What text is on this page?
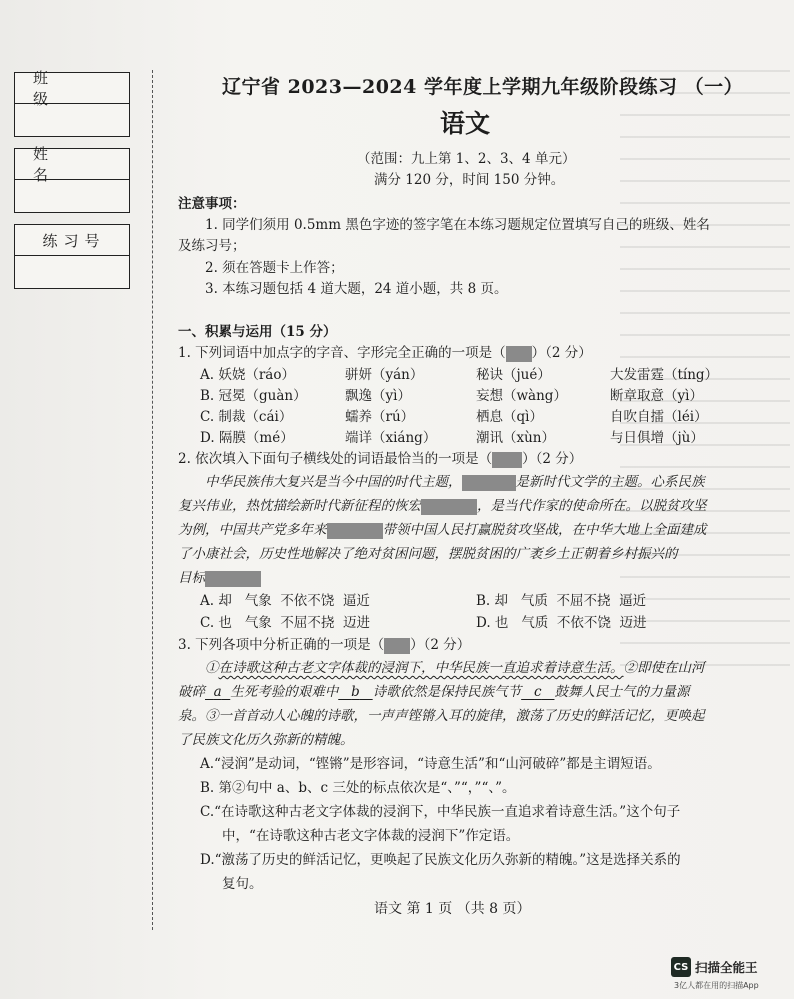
班 级
姓 名
练习号
辽宁省 2023—2024 学年度上学期九年级阶段练习 （一）
语文
（范围：九上第 1、2、3、4 单元）
满分 120 分，时间 150 分钟。
注意事项：
1. 同学们须用 0.5mm 黑色字迹的签字笔在本练习题规定位置填写自己的班级、姓名
及练习号；
2. 须在答题卡上作答；
3. 本练习题包括 4 道大题，24 道小题，共 8 页。
一、积累与运用（15 分）
1. 下列词语中加点字的字音、字形完全正确的一项是（ ）（2 分）
A. 妖娆（ráo）	骈妍（yán）	秘诀（jué）	大发雷霆（tíng）
B. 冠冕（guàn）	飘逸（yì）	妄想（wàng）	断章取意（yì）
C. 制裁（cái）	蠕养（rú）	栖息（qì）	自吹自擂（léi）
D. 隔膜（mé）	端详（xiáng）	潮讯（xùn）	与日俱增（jù）
2. 依次填入下面句子横线处的词语最恰当的一项是（ ）（2 分）
中华民族伟大复兴是当今中国的时代主题，	是新时代文学的主题。心系民族
复兴伟业，热忱描绘新时代新征程的恢宏	，是当代作家的使命所在。以脱贫攻坚
为例，中国共产党多年来	带领中国人民打赢脱贫攻坚战，在中华大地上全面建成
了小康社会，历史性地解决了绝对贫困问题，摆脱贫困的广袤乡土正朝着乡村振兴的
目标
A. 却 气象 不依不饶 逼近	B. 却 气质 不屈不挠 逼近
C. 也 气象 不屈不挠 迈进	D. 也 气质 不依不饶 迈进
3. 下列各项中分析正确的一项是（ ）（2 分）
①在诗歌这种古老文字体裁的浸润下，中华民族一直追求着诗意生活。②即使在山河
破碎 a 生死考验的艰难中 b 诗歌依然是保持民族气节 c 鼓舞人民士气的力量源
泉。③一首首动人心魄的诗歌，一声声铿锵入耳的旋律，激荡了历史的鲜活记忆，更唤起
了民族文化历久弥新的精魄。
A.“浸润”是动词，“铿锵”是形容词，“诗意生活”和“山河破碎”都是主谓短语。
B. 第②句中 a、b、c 三处的标点依次是“、”“，”“、”。
C.“在诗歌这种古老文字体裁的浸润下，中华民族一直追求着诗意生活。”这个句子
中，“在诗歌这种古老文字体裁的浸润下”作定语。
D.“激荡了历史的鲜活记忆，更唤起了民族文化历久弥新的精魄。”这是选择关系的
复句。
语文 第 1 页 （共 8 页）
CS 扫描全能王
3亿人都在用的扫描App
